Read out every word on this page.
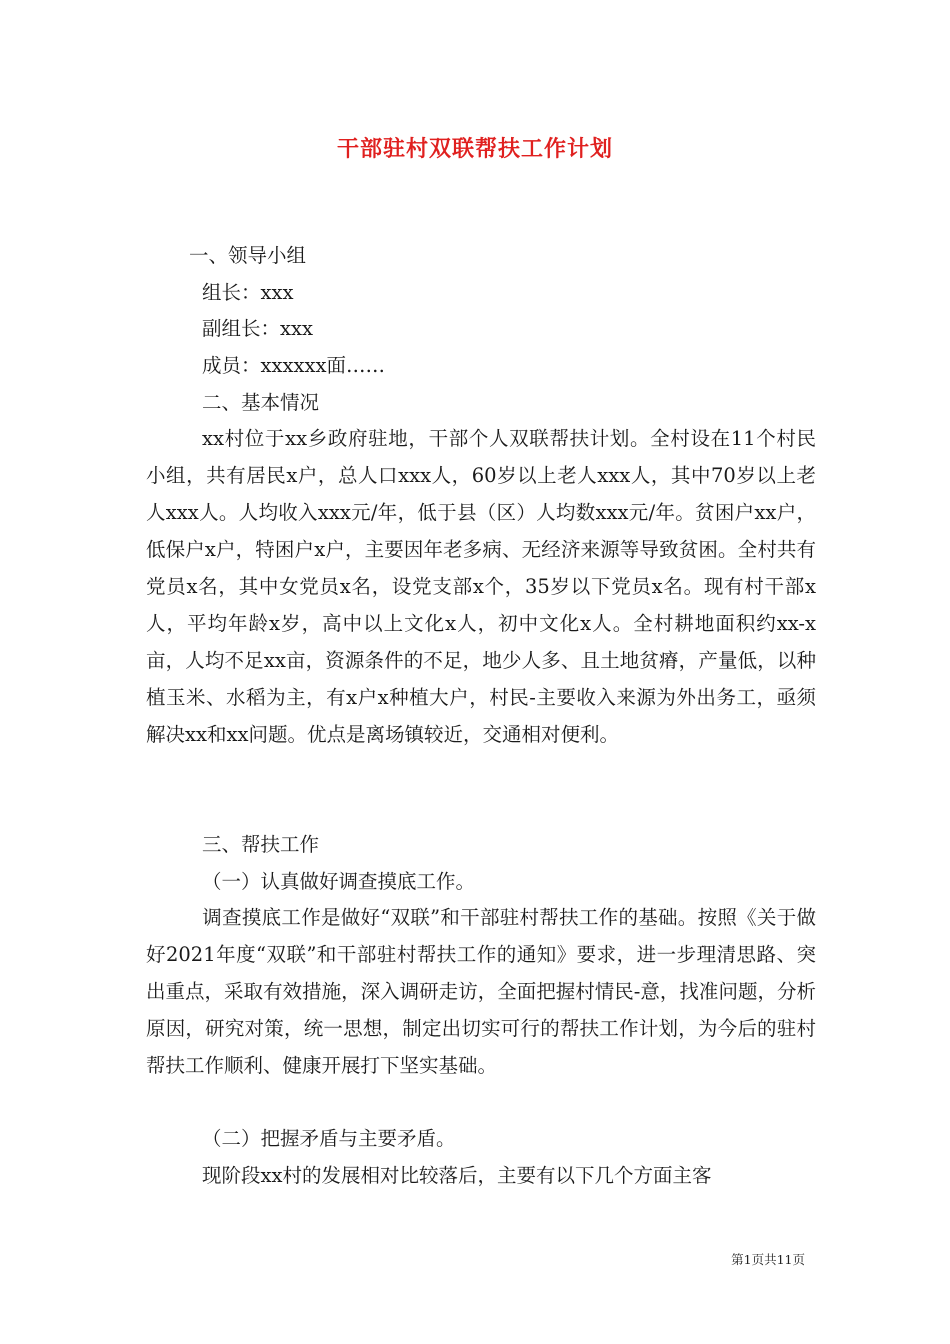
干部驻村双联帮扶工作计划
一、领导小组
组长：xxx
副组长：xxx
成员：xxxxxx面……
二、基本情况
xx村位于xx乡政府驻地，干部个人双联帮扶计划。全村设在11个村民小组，共有居民x户，总人口xxx人，60岁以上老人xxx人，其中70岁以上老人xxx人。人均收入xxx元/年，低于县（区）人均数xxx元/年。贫困户xx户，低保户x户，特困户x户，主要因年老多病、无经济来源等导致贫困。全村共有党员x名，其中女党员x名，设党支部x个，35岁以下党员x名。现有村干部x人，平均年龄x岁，高中以上文化x人，初中文化x人。全村耕地面积约xx-x亩，人均不足xx亩，资源条件的不足，地少人多、且土地贫瘠，产量低，以种植玉米、水稻为主，有x户x种植大户，村民-主要收入来源为外出务工，亟须解决xx和xx问题。优点是离场镇较近，交通相对便利。
三、帮扶工作
（一）认真做好调查摸底工作。
调查摸底工作是做好“双联”和干部驻村帮扶工作的基础。按照《关于做好2021年度“双联”和干部驻村帮扶工作的通知》要求，进一步理清思路、突出重点，采取有效措施，深入调研走访，全面把握村情民-意，找准问题，分析原因，研究对策，统一思想，制定出切实可行的帮扶工作计划，为今后的驻村帮扶工作顺利、健康开展打下坚实基础。
（二）把握矛盾与主要矛盾。
现阶段xx村的发展相对比较落后，主要有以下几个方面主客
第1页共11页
